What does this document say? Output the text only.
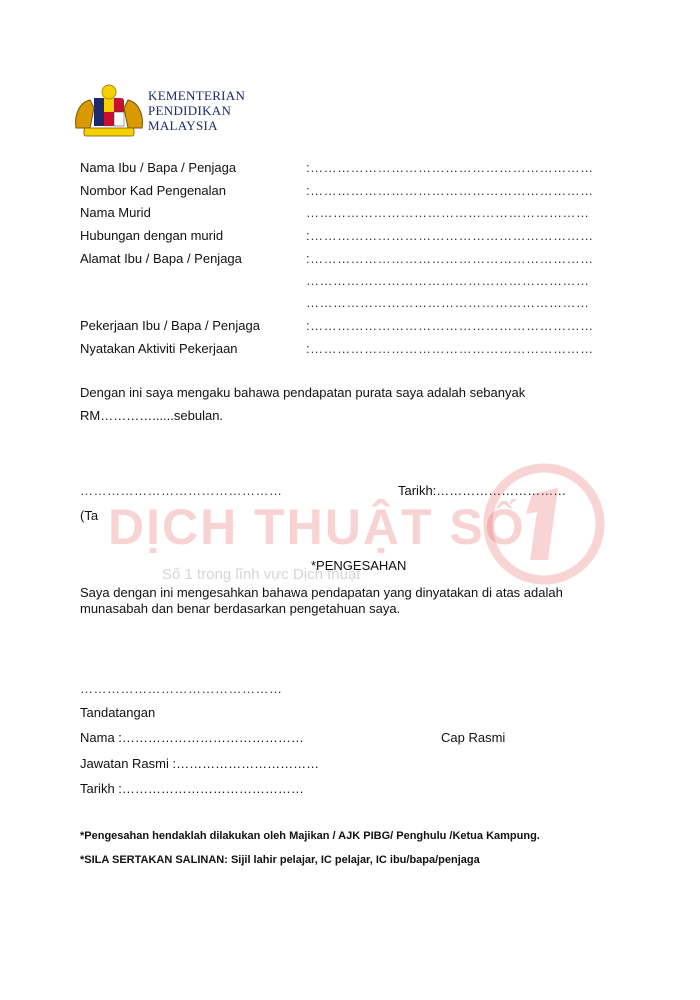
KEMENTERIAN
PENDIDIKAN
MALAYSIA
Nama Ibu / Bapa / Penjaga	:………………………………………………………
Nombor Kad Pengenalan	:………………………………………………………
Nama Murid	………………………………………………………
Hubungan dengan murid	:………………………………………………………
Alamat Ibu / Bapa / Penjaga	:………………………………………………………
………………………………………………………
………………………………………………………
Pekerjaan Ibu / Bapa / Penjaga	:………………………………………………………
Nyatakan Aktiviti Pekerjaan	:………………………………………………………
Dengan ini saya mengaku bahawa pendapatan purata saya adalah sebanyak
RM…………......sebulan.
………………………………………	Tarikh:…………………………
(Ta DỊCH THUẬT SỐ
Số 1 trong lĩnh vực Dịch thuật
*PENGESAHAN
Saya dengan ini mengesahkan bahawa pendapatan yang dinyatakan di atas adalah
munasabah dan benar berdasarkan pengetahuan saya.
………………………………………
Tandatangan
Nama :……………………………………	Cap Rasmi
Jawatan Rasmi :……………………………
Tarikh :……………………………………
*Pengesahan hendaklah dilakukan oleh Majikan / AJK PIBG/ Penghulu /Ketua Kampung.
*SILA SERTAKAN SALINAN: Sijil lahir pelajar, IC pelajar, IC ibu/bapa/penjaga
